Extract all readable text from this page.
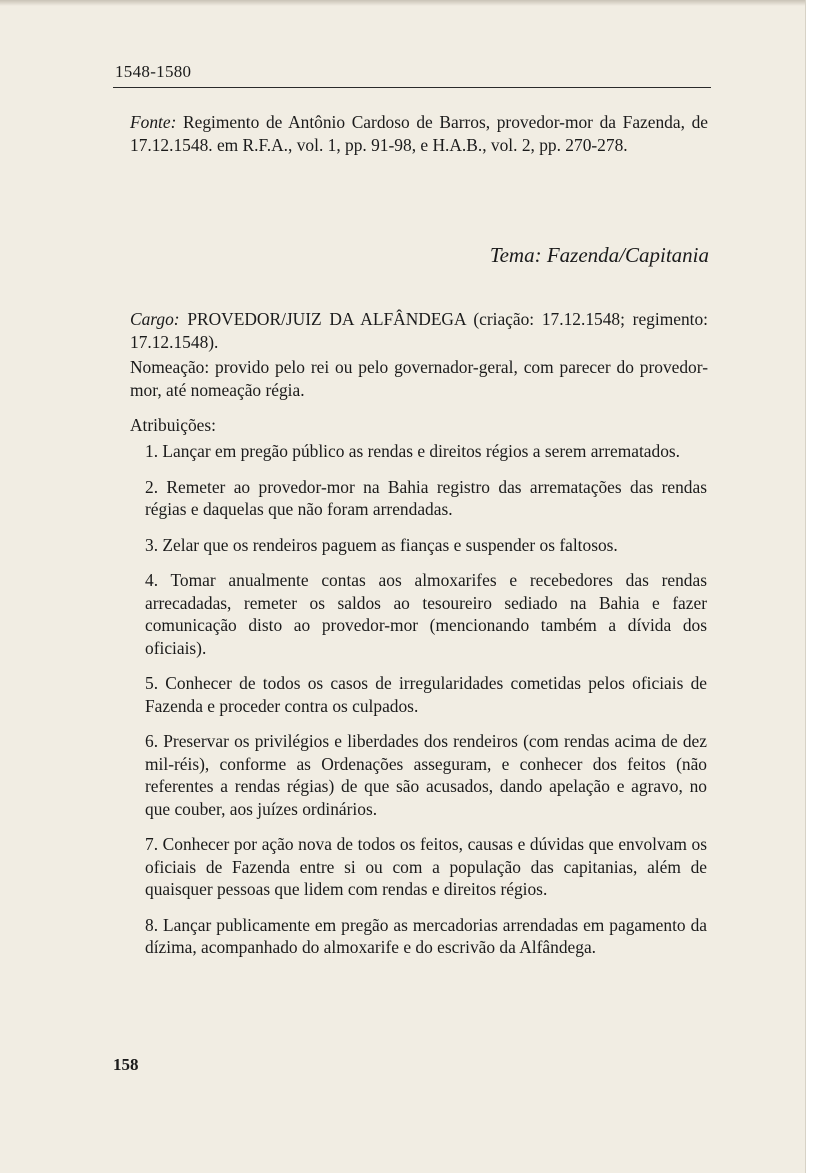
1548-1580

Fonte: Regimento de Antônio Cardoso de Barros, provedor-mor da Fazenda, de 17.12.1548. em R.F.A., vol. 1, pp. 91-98, e H.A.B., vol. 2, pp. 270-278.

Tema: Fazenda/Capitania

Cargo: PROVEDOR/JUIZ DA ALFÂNDEGA (criação: 17.12.1548; regimento: 17.12.1548).

Nomeação: provido pelo rei ou pelo governador-geral, com parecer do provedor-mor, até nomeação régia.

Atribuições:
1. Lançar em pregão público as rendas e direitos régios a serem arrematados.
2. Remeter ao provedor-mor na Bahia registro das arrematações das rendas régias e daquelas que não foram arrendadas.
3. Zelar que os rendeiros paguem as fianças e suspender os faltosos.
4. Tomar anualmente contas aos almoxarifes e recebedores das rendas arrecadadas, remeter os saldos ao tesoureiro sediado na Bahia e fazer comunicação disto ao provedor-mor (mencionando também a dívida dos oficiais).
5. Conhecer de todos os casos de irregularidades cometidas pelos oficiais de Fazenda e proceder contra os culpados.
6. Preservar os privilégios e liberdades dos rendeiros (com rendas acima de dez mil-réis), conforme as Ordenações asseguram, e conhecer dos feitos (não referentes a rendas régias) de que são acusados, dando apelação e agravo, no que couber, aos juízes ordinários.
7. Conhecer por ação nova de todos os feitos, causas e dúvidas que envolvam os oficiais de Fazenda entre si ou com a população das capitanias, além de quaisquer pessoas que lidem com rendas e direitos régios.
8. Lançar publicamente em pregão as mercadorias arrendadas em pagamento da dízima, acompanhado do almoxarife e do escrivão da Alfândega.
158
